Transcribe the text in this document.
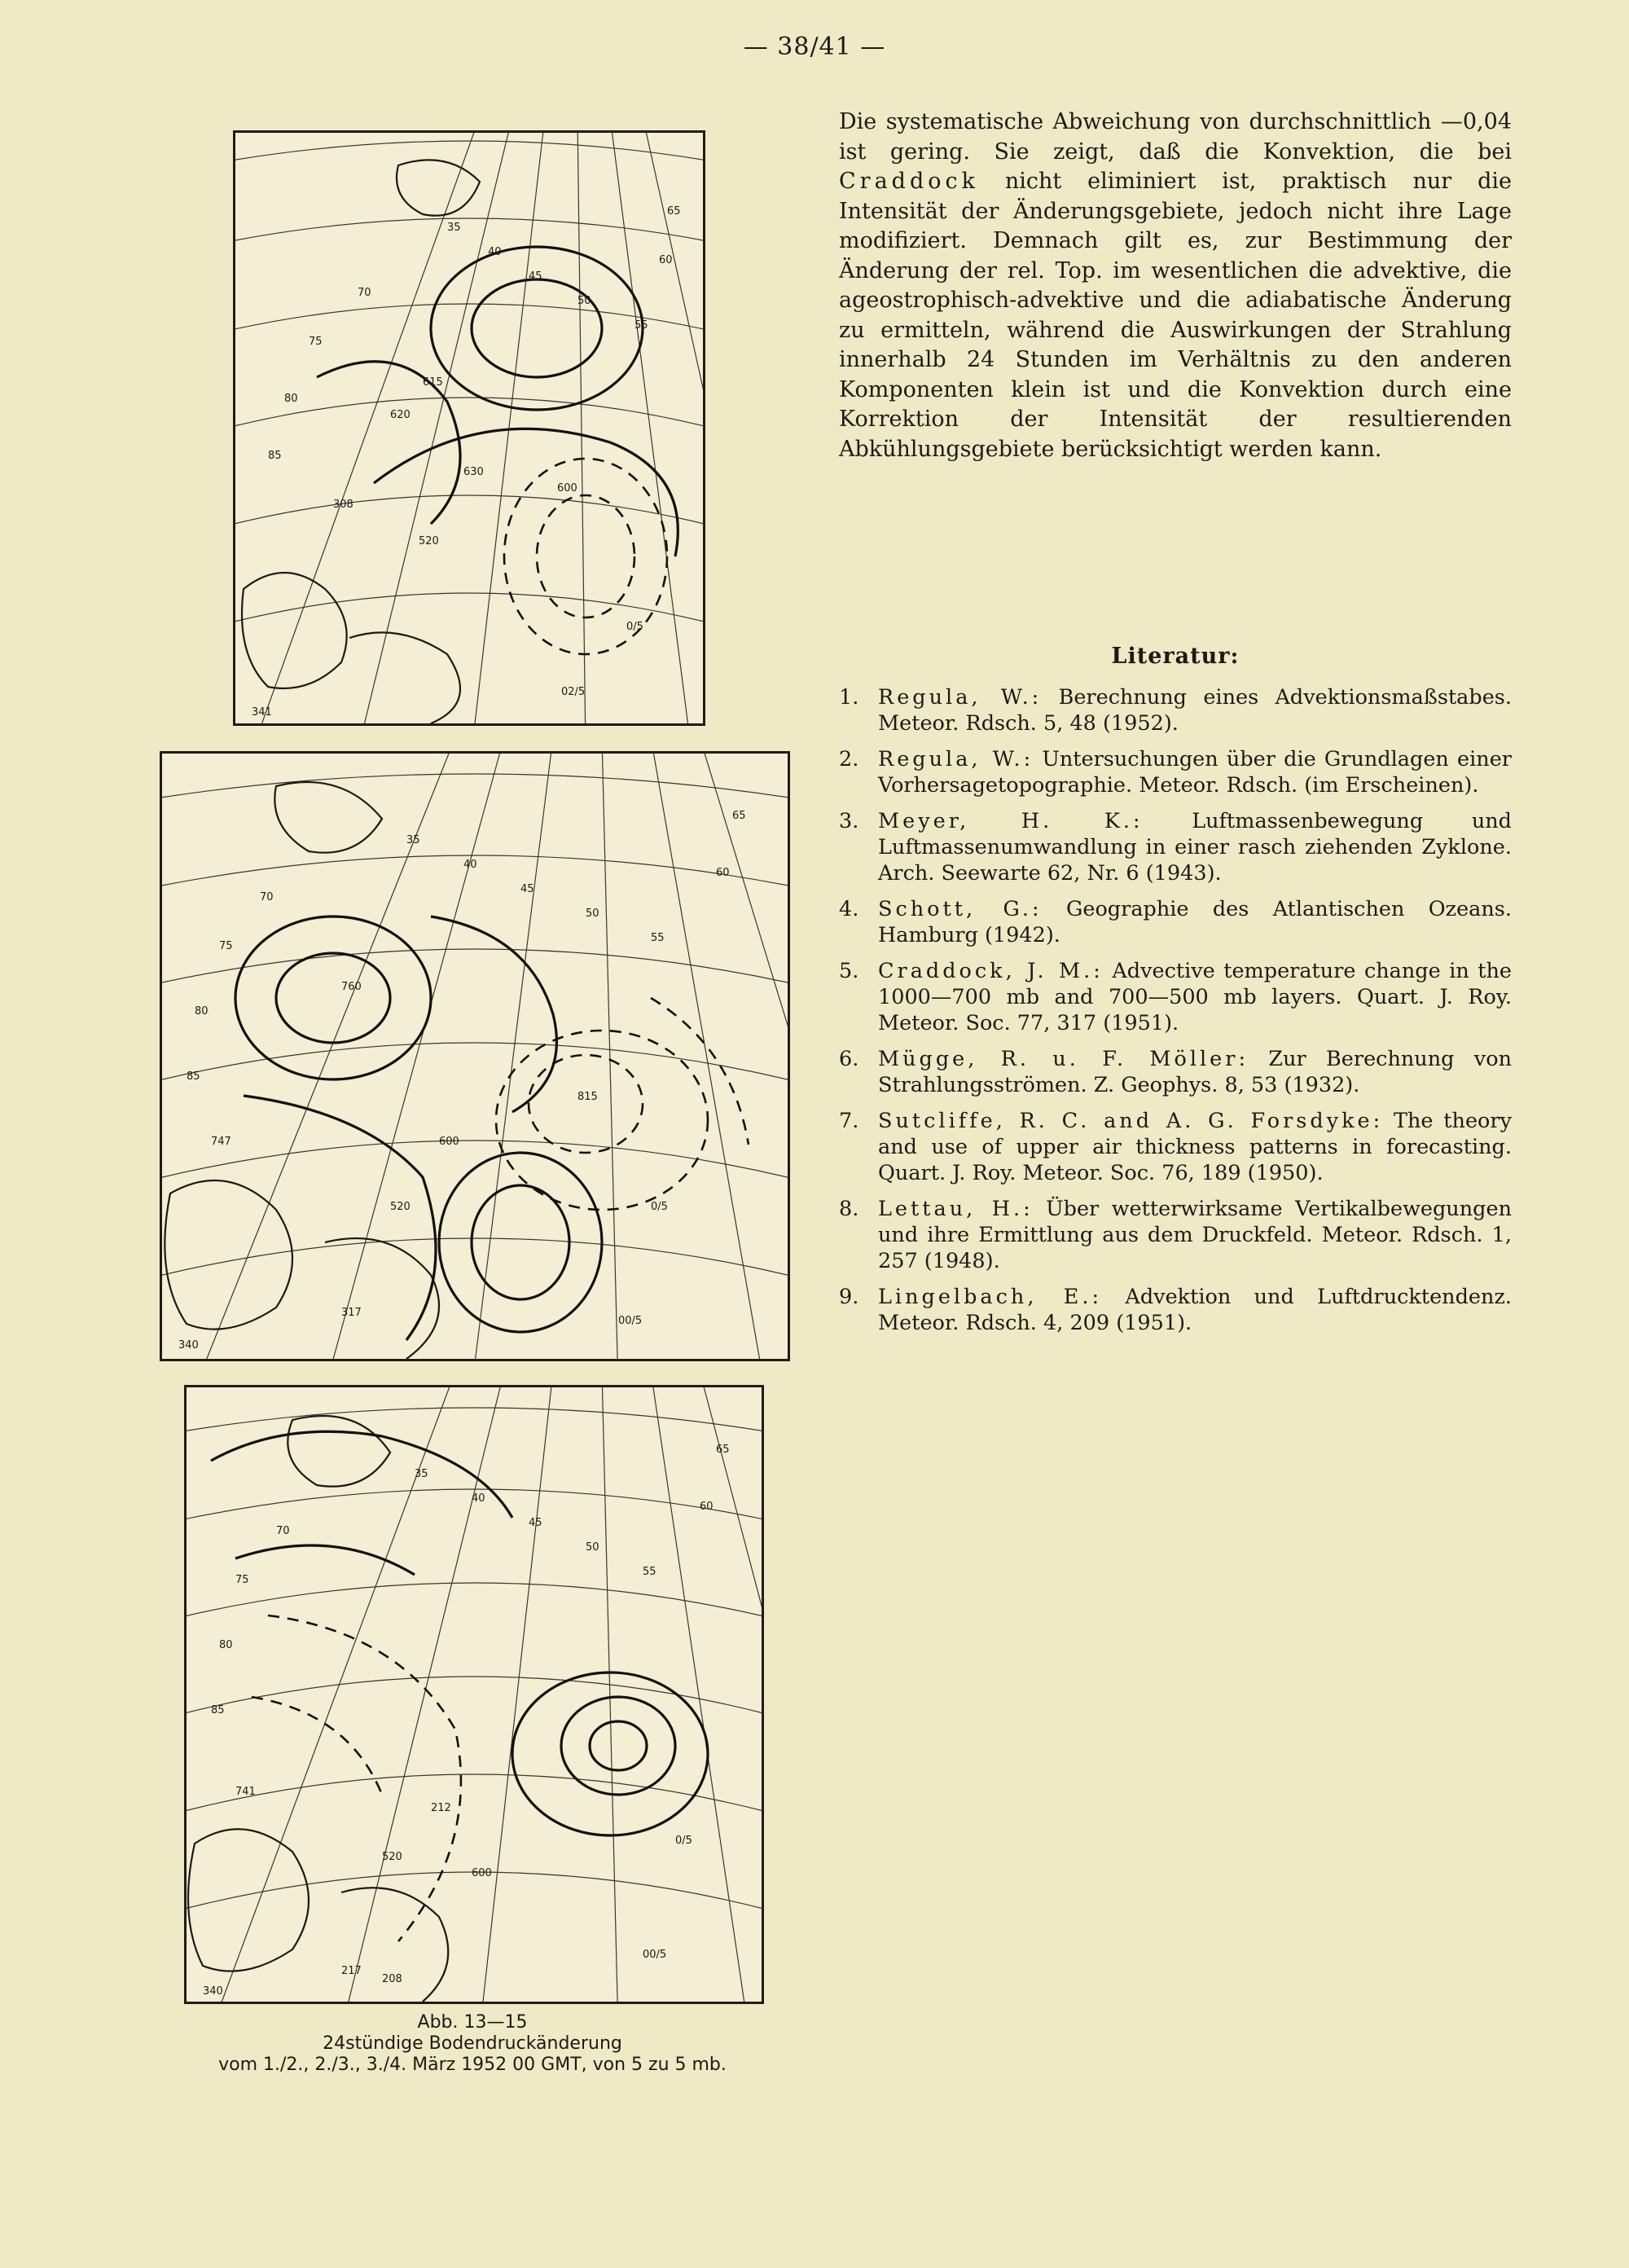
— 38/41 —
35
40
45
50
55
60
65
70
75
80
85
600
615
620
630
520
308
341
0/5
02/5
35
40
45
50
55
60
65
70
75
80
85
760
815
747	600
520
317
340
0/5
00/5
35
40
45
50
55
60
65
70
75
80
85
212
217
208
340
600
520
741
0/5
00/5
Abb. 13—15
24stündige Bodendruckänderung
vom 1./2., 2./3., 3./4. März 1952 00 GMT, von 5 zu 5 mb.
Die systematische Abweichung von durchschnittlich —0,04 ist gering. Sie zeigt, daß die Konvektion, die bei Craddock nicht eliminiert ist, praktisch nur die Intensität der Änderungsgebiete, jedoch nicht ihre Lage modifiziert. Demnach gilt es, zur Bestimmung der Änderung der rel. Top. im wesentlichen die advektive, die ageostrophisch-advektive und die adiabatische Änderung zu ermitteln, während die Auswirkungen der Strahlung innerhalb 24 Stunden im Verhältnis zu den anderen Komponenten klein ist und die Konvektion durch eine Korrektion der Intensität der resultierenden Abkühlungsgebiete berücksichtigt werden kann.
Literatur:
1. Regula, W.: Berechnung eines Advektionsmaßstabes. Meteor. Rdsch. 5, 48 (1952).
2. Regula, W.: Untersuchungen über die Grundlagen einer Vorhersagetopographie. Meteor. Rdsch. (im Erscheinen).
3. Meyer, H. K.: Luftmassenbewegung und Luftmassenumwandlung in einer rasch ziehenden Zyklone. Arch. Seewarte 62, Nr. 6 (1943).
4. Schott, G.: Geographie des Atlantischen Ozeans. Hamburg (1942).
5. Craddock, J. M.: Advective temperature change in the 1000—700 mb and 700—500 mb layers. Quart. J. Roy. Meteor. Soc. 77, 317 (1951).
6. Mügge, R. u. F. Möller: Zur Berechnung von Strahlungsströmen. Z. Geophys. 8, 53 (1932).
7. Sutcliffe, R. C. and A. G. Forsdyke: The theory and use of upper air thickness patterns in forecasting. Quart. J. Roy. Meteor. Soc. 76, 189 (1950).
8. Lettau, H.: Über wetterwirksame Vertikalbewegungen und ihre Ermittlung aus dem Druckfeld. Meteor. Rdsch. 1, 257 (1948).
9. Lingelbach, E.: Advektion und Luftdrucktendenz. Meteor. Rdsch. 4, 209 (1951).
